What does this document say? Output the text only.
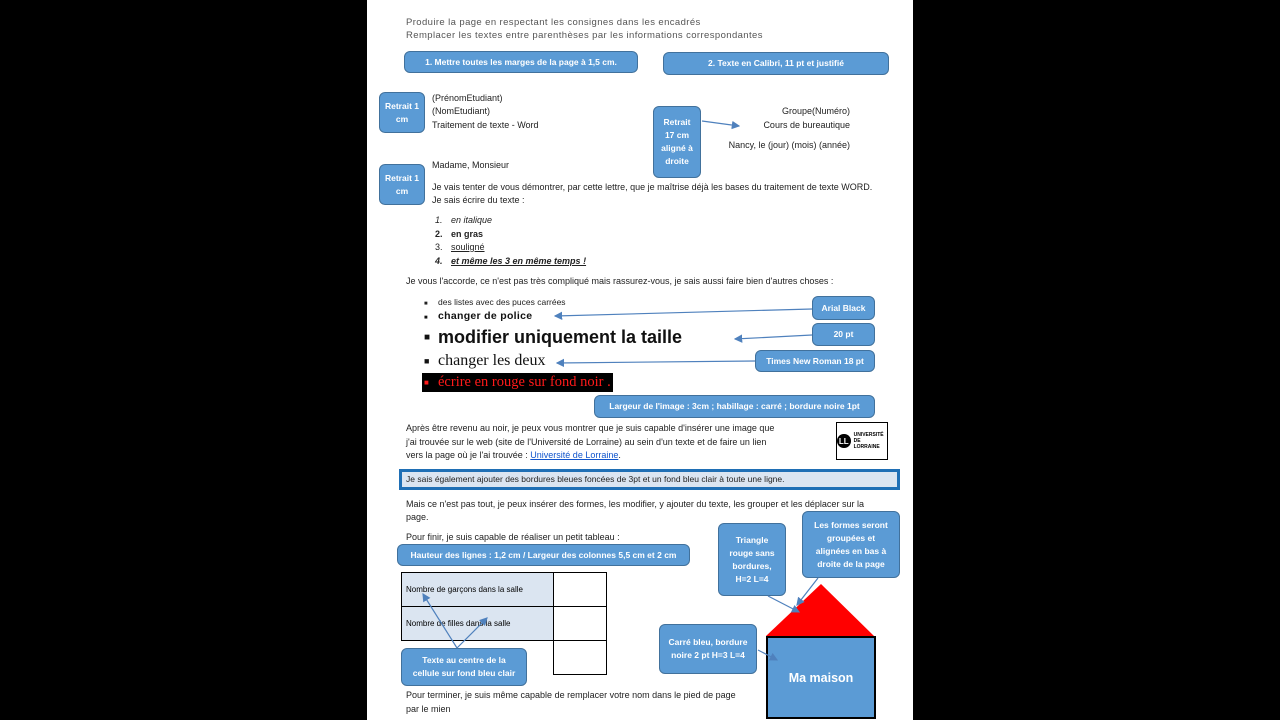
Produire la page en respectant les consignes dans les encadrés
Remplacer les textes entre parenthèses par les informations correspondantes
1. Mettre toutes les marges de la page à 1,5 cm.	2. Texte en Calibri, 11 pt et justifié
Retrait 1 cm	Retrait 17 cm aligné à droite
Retrait 1 cm
(PrénomEtudiant)
(NomEtudiant)
Traitement de texte - Word
Groupe(Numéro)
Cours de bureautique
Nancy, le (jour) (mois) (année)
Madame, Monsieur
Je vais tenter de vous démontrer, par cette lettre, que je maîtrise déjà les bases du traitement de texte WORD.
Je sais écrire du texte :
1. en italique
2. en gras
3. souligné
4. et même les 3 en même temps !
Je vous l'accorde, ce n'est pas très compliqué mais rassurez-vous, je sais aussi faire bien d'autres choses :
■ des listes avec des puces carrées
■ changer de police
■ modifier uniquement la taille
■ changer les deux
■ écrire en rouge sur fond noir .
Arial Black
20 pt
Times New Roman 18 pt
Largeur de l'image : 3cm ; habillage : carré ; bordure noire 1pt
Après être revenu au noir, je peux vous montrer que je suis capable d'insérer une image que
j'ai trouvée sur le web (site de l'Université de Lorraine) au sein d'un texte et de faire un lien
vers la page où je l'ai trouvée : Université de Lorraine.
LL
UNIVERSITÉ
DE LORRAINE
Je sais également ajouter des bordures bleues foncées de 3pt et un fond bleu clair à toute une ligne.
Mais ce n'est pas tout, je peux insérer des formes, les modifier, y ajouter du texte, les grouper et les déplacer sur la
page.
Pour finir, je suis capable de réaliser un petit tableau :
Hauteur des lignes : 1,2 cm / Largeur des colonnes 5,5 cm et 2 cm
Nombre de garçons dans la salle	
Nombre de filles dans la salle	

Texte au centre de la cellule sur fond bleu clair
Triangle rouge sans bordures, H=2 L=4
Les formes seront groupées et alignées en bas à droite de la page
Carré bleu, bordure noire 2 pt H=3 L=4
Ma maison
Pour terminer, je suis même capable de remplacer votre nom dans le pied de page
par le mien
